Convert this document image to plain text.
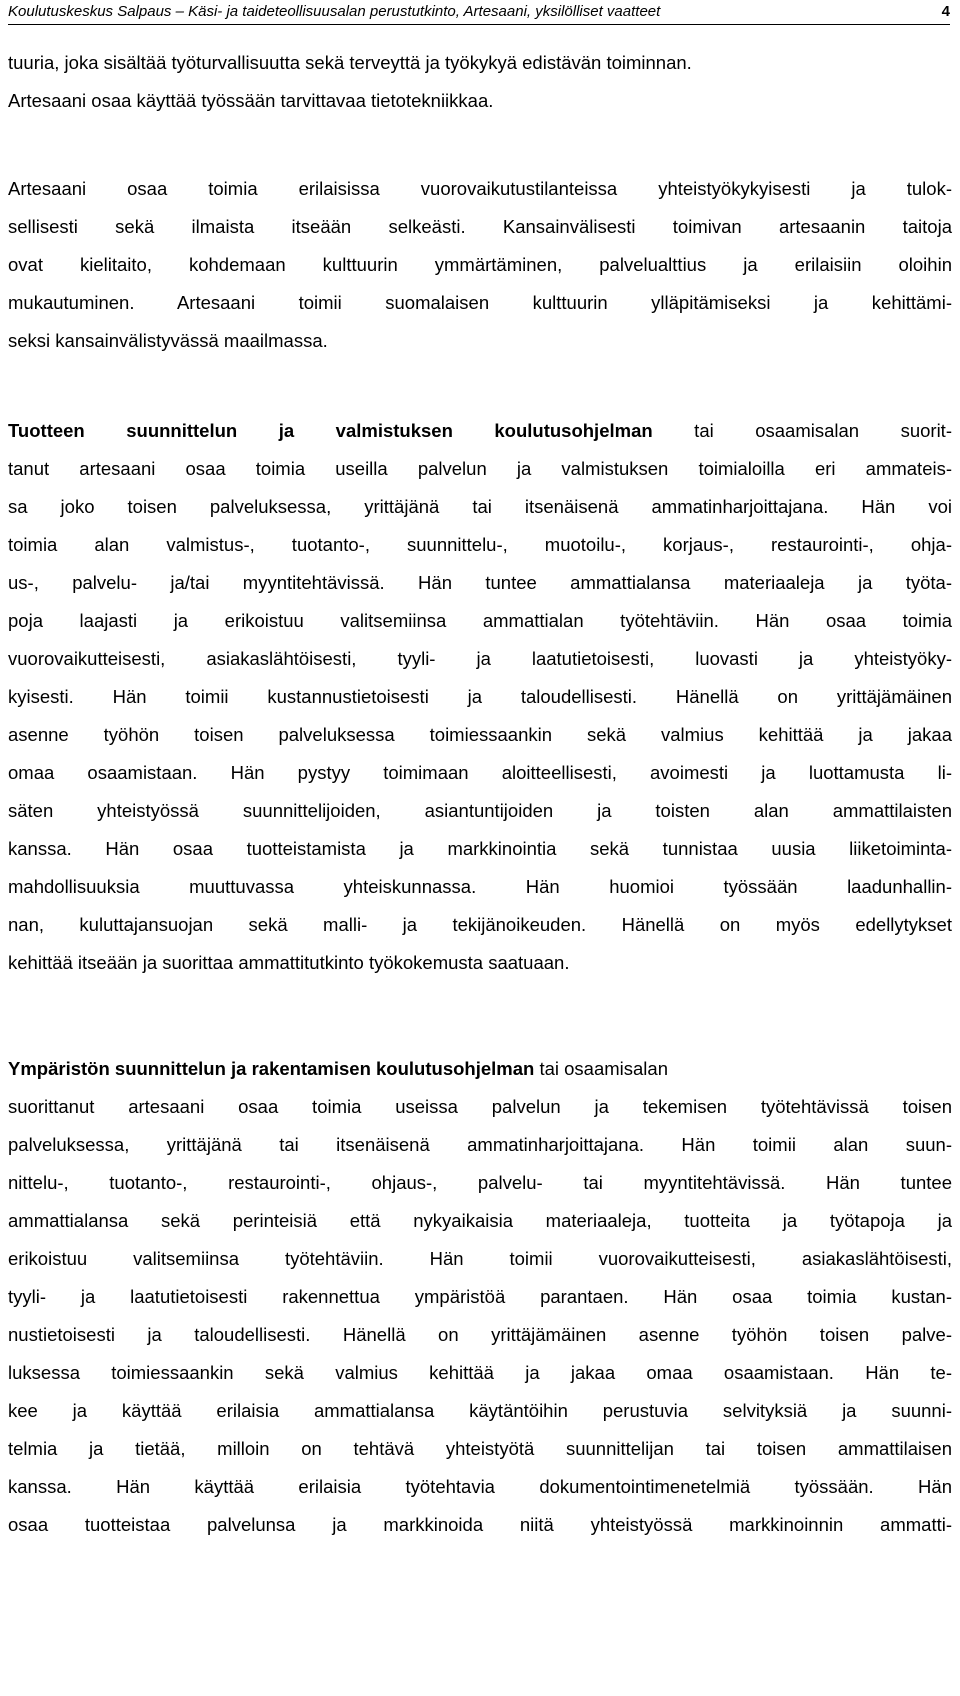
Koulutuskeskus Salpaus – Käsi- ja taideteollisuusalan perustutkinto, Artesaani, yksilölliset vaatteet	4
tuuria, joka sisältää työturvallisuutta sekä terveyttä ja työkykyä edistävän toiminnan.
Artesaani osaa käyttää työssään tarvittavaa tietotekniikkaa.
Artesaani osaa toimia erilaisissa vuorovaikutustilanteissa yhteistyökykyisesti ja tulok-
sellisesti sekä ilmaista itseään selkeästi. Kansainvälisesti toimivan artesaanin taitoja
ovat kielitaito, kohdemaan kulttuurin ymmärtäminen, palvelualttius ja erilaisiin oloihin
mukautuminen. Artesaani toimii suomalaisen kulttuurin ylläpitämiseksi ja kehittämi-
seksi kansainvälistyvässä maailmassa.
Tuotteen suunnittelun ja valmistuksen koulutusohjelman tai osaamisalan suorit-
tanut artesaani osaa toimia useilla palvelun ja valmistuksen toimialoilla eri ammateis-
sa joko toisen palveluksessa, yrittäjänä tai itsenäisenä ammatinharjoittajana. Hän voi
toimia alan valmistus-, tuotanto-, suunnittelu-, muotoilu-, korjaus-, restaurointi-, ohja-
us-, palvelu- ja/tai myyntitehtävissä. Hän tuntee ammattialansa materiaaleja ja työta-
poja laajasti ja erikoistuu valitsemiinsa ammattialan työtehtäviin. Hän osaa toimia
vuorovaikutteisesti, asiakaslähtöisesti, tyyli- ja laatutietoisesti, luovasti ja yhteistyöky-
kyisesti. Hän toimii kustannustietoisesti ja taloudellisesti. Hänellä on yrittäjämäinen
asenne työhön toisen palveluksessa toimiessaankin sekä valmius kehittää ja jakaa
omaa osaamistaan. Hän pystyy toimimaan aloitteellisesti, avoimesti ja luottamusta li-
säten yhteistyössä suunnittelijoiden, asiantuntijoiden ja toisten alan ammattilaisten
kanssa. Hän osaa tuotteistamista ja markkinointia sekä tunnistaa uusia liiketoiminta-
mahdollisuuksia muuttuvassa yhteiskunnassa. Hän huomioi työssään laadunhallin-
nan, kuluttajansuojan sekä malli- ja tekijänoikeuden. Hänellä on myös edellytykset
kehittää itseään ja suorittaa ammattitutkinto työkokemusta saatuaan.
Ympäristön suunnittelun ja rakentamisen koulutusohjelman tai osaamisalan
suorittanut artesaani osaa toimia useissa palvelun ja tekemisen työtehtävissä toisen
palveluksessa, yrittäjänä tai itsenäisenä ammatinharjoittajana. Hän toimii alan suun-
nittelu-, tuotanto-, restaurointi-, ohjaus-, palvelu- tai myyntitehtävissä. Hän tuntee
ammattialansa sekä perinteisiä että nykyaikaisia materiaaleja, tuotteita ja työtapoja ja
erikoistuu valitsemiinsa työtehtäviin. Hän toimii vuorovaikutteisesti, asiakaslähtöisesti,
tyyli- ja laatutietoisesti rakennettua ympäristöä parantaen. Hän osaa toimia kustan-
nustietoisesti ja taloudellisesti. Hänellä on yrittäjämäinen asenne työhön toisen palve-
luksessa toimiessaankin sekä valmius kehittää ja jakaa omaa osaamistaan. Hän te-
kee ja käyttää erilaisia ammattialansa käytäntöihin perustuvia selvityksiä ja suunni-
telmia ja tietää, milloin on tehtävä yhteistyötä suunnittelijan tai toisen ammattilaisen
kanssa. Hän käyttää erilaisia työtehtavia dokumentointimenetelmiä työssään. Hän
osaa tuotteistaa palvelunsa ja markkinoida niitä yhteistyössä markkinoinnin ammatti-
